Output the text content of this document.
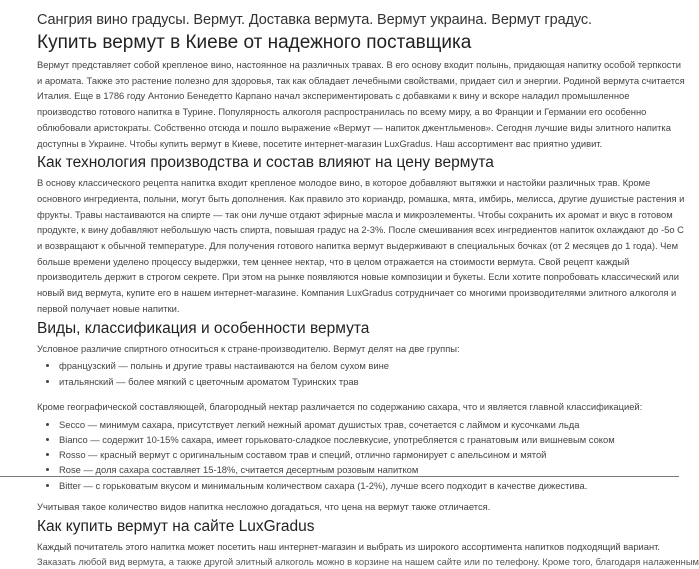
Сангрия вино градусы. Вермут. Доставка вермута. Вермут украина. Вермут градус.

Купить вермут в Киеве от надежного поставщика

Вермут представляет собой крепленое вино, настоянное на различных травах. В его основу входит полынь, придающая напитку особой терпкости
и аромата. Также это растение полезно для здоровья, так как обладает лечебными свойствами, придает сил и энергии. Родиной вермута считается
Италия. Еще в 1786 году Антонио Бенедетто Карпано начал экспериментировать с добавками к вину и вскоре наладил промышленное
производство готового напитка в Турине. Популярность алкоголя распространилась по всему миру, а во Франции и Германии его особенно
облюбовали аристократы. Собственно отсюда и пошло выражение «Вермут — напиток джентльменов». Сегодня лучшие виды элитного напитка
доступны в Украине. Чтобы купить вермут в Киеве, посетите интернет-магазин LuxGradus. Наш ассортимент вас приятно удивит.

Как технология производства и состав влияют на цену вермута

В основу классического рецепта напитка входит крепленое молодое вино, в которое добавляют вытяжки и настойки различных трав. Кроме
основного ингредиента, полыни, могут быть дополнения. Как правило это кориандр, ромашка, мята, имбирь, мелисса, другие душистые растения и
фрукты. Травы настаиваются на спирте — так они лучше отдают эфирные масла и микроэлементы. Чтобы сохранить их аромат и вкус в готовом
продукте, к вину добавляют небольшую часть спирта, повышая градус на 2-3%. После смешивания всех ингредиентов напиток охлаждают до -5о С
и возвращают к обычной температуре. Для получения готового напитка вермут выдерживают в специальных бочках (от 2 месяцев до 1 года). Чем
больше времени уделено процессу выдержки, тем ценнее нектар, что в целом отражается на стоимости вермута. Свой рецепт каждый
производитель держит в строгом секрете. При этом на рынке появляются новые композиции и букеты. Если хотите попробовать классический или
новый вид вермута, купите его в нашем интернет-магазине. Компания LuxGradus сотрудничает со многими производителями элитного алкоголя и
первой получает новые напитки.

Виды, классификация и особенности вермута

Условное различие спиртного относиться к стране-производителю. Вермут делят на две группы:

• французский — полынь и другие травы настаиваются на белом сухом вине
• итальянский — более мягкий с цветочным ароматом Туринских трав

Кроме географической составляющей, благородный нектар различается по содержанию сахара, что и является главной классификацией:

• Secco — минимум сахара, присутствует легкий нежный аромат душистых трав, сочетается с лаймом и кусочками льда
• Bianco — содержит 10-15% сахара, имеет горьковато-сладкое послевкусие, употребляется с гранатовым или вишневым соком
• Rosso — красный вермут с оригинальным составом трав и специй, отлично гармонирует с апельсином и мятой
• Rose — доля сахара составляет 15-18%, считается десертным розовым напитком
• Bitter — с горьковатым вкусом и минимальным количеством сахара (1-2%), лучше всего подходит в качестве дижестива.

Учитывая такое количество видов напитка несложно догадаться, что цена на вермут также отличается.

Как купить вермут на сайте LuxGradus

Каждый почитатель этого напитка может посетить наш интернет-магазин и выбрать из широкого ассортимента напитков подходящий вариант.

Заказать любой вид вермута, а также другой элитный алкоголь можно в корзине на нашем сайте или по телефону. Кроме того, благодаря налаженным
